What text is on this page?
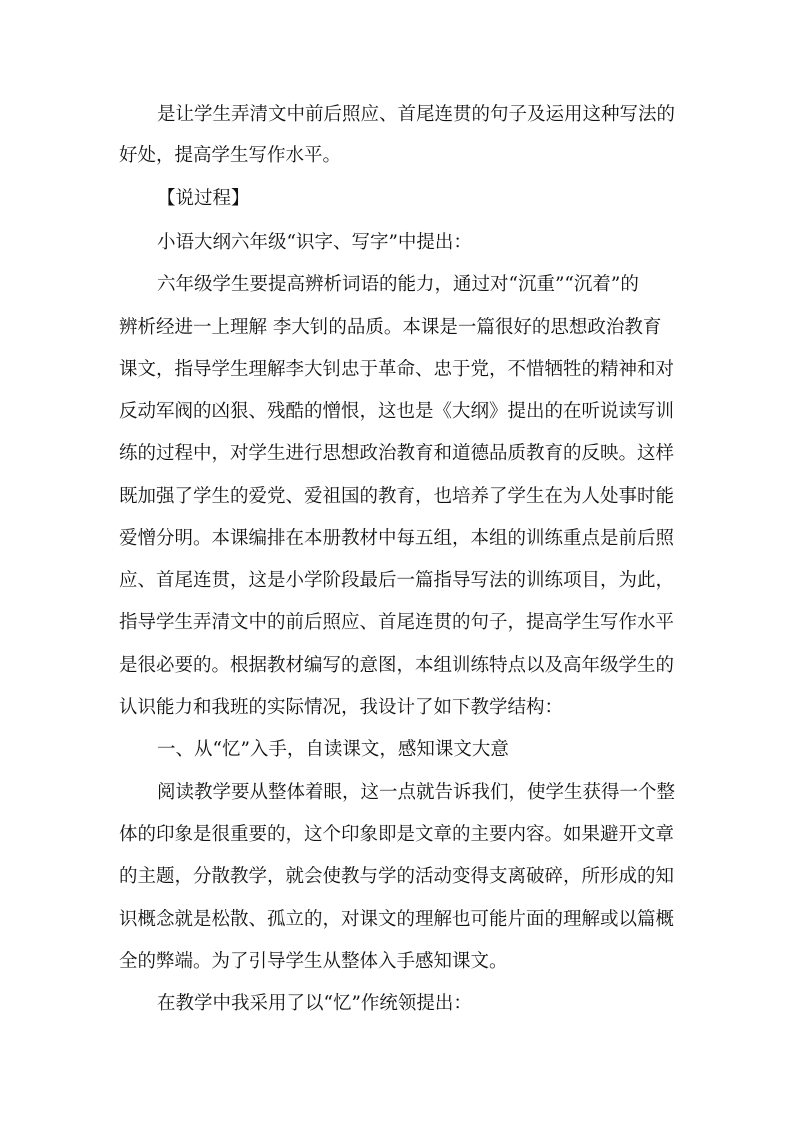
是让学生弄清文中前后照应、首尾连贯的句子及运用这种写法的
好处，提高学生写作水平。
【说过程】
小语大纲六年级“识字、写字”中提出：
六年级学生要提高辨析词语的能力，通过对“沉重”“沉着”的
辨析经进一上理解 李大钊的品质。本课是一篇很好的思想政治教育
课文，指导学生理解李大钊忠于革命、忠于党，不惜牺牲的精神和对
反动军阀的凶狠、残酷的憎恨，这也是《大纲》提出的在听说读写训
练的过程中，对学生进行思想政治教育和道德品质教育的反映。这样
既加强了学生的爱党、爱祖国的教育，也培养了学生在为人处事时能
爱憎分明。本课编排在本册教材中每五组，本组的训练重点是前后照
应、首尾连贯，这是小学阶段最后一篇指导写法的训练项目，为此，
指导学生弄清文中的前后照应、首尾连贯的句子，提高学生写作水平
是很必要的。根据教材编写的意图，本组训练特点以及高年级学生的
认识能力和我班的实际情况，我设计了如下教学结构：
一、从“忆”入手，自读课文，感知课文大意
阅读教学要从整体着眼，这一点就告诉我们，使学生获得一个整
体的印象是很重要的，这个印象即是文章的主要内容。如果避开文章
的主题，分散教学，就会使教与学的活动变得支离破碎，所形成的知
识概念就是松散、孤立的，对课文的理解也可能片面的理解或以篇概
全的弊端。为了引导学生从整体入手感知课文。
在教学中我采用了以“忆”作统领提出：
